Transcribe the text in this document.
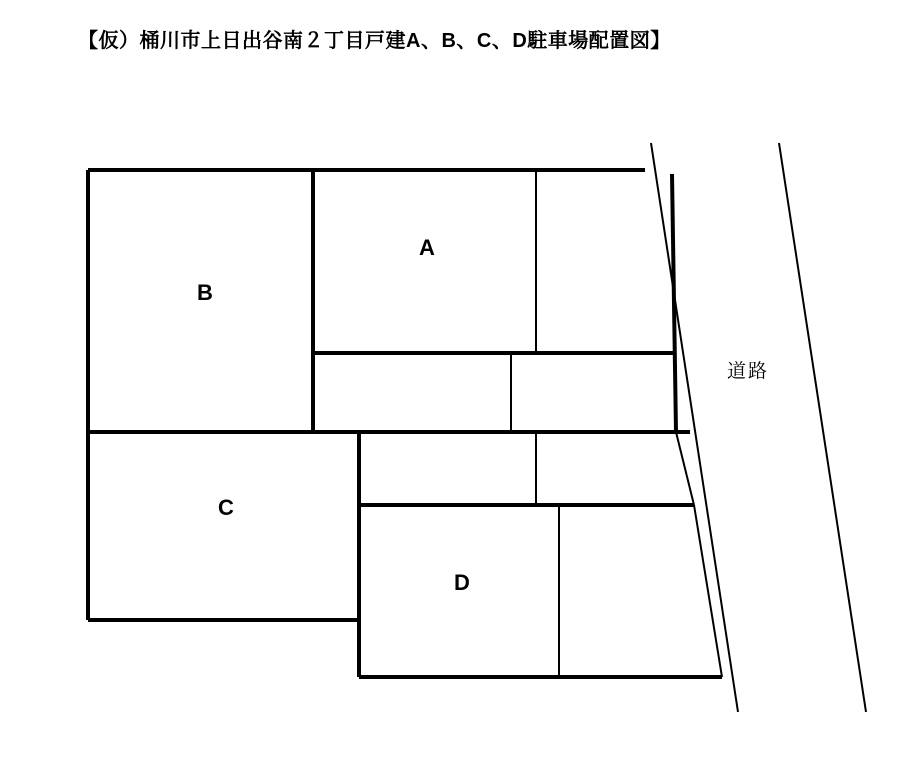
【仮）桶川市上日出谷南２丁目戸建A、B、C、D駐車場配置図】
A
B
C
D
道路
